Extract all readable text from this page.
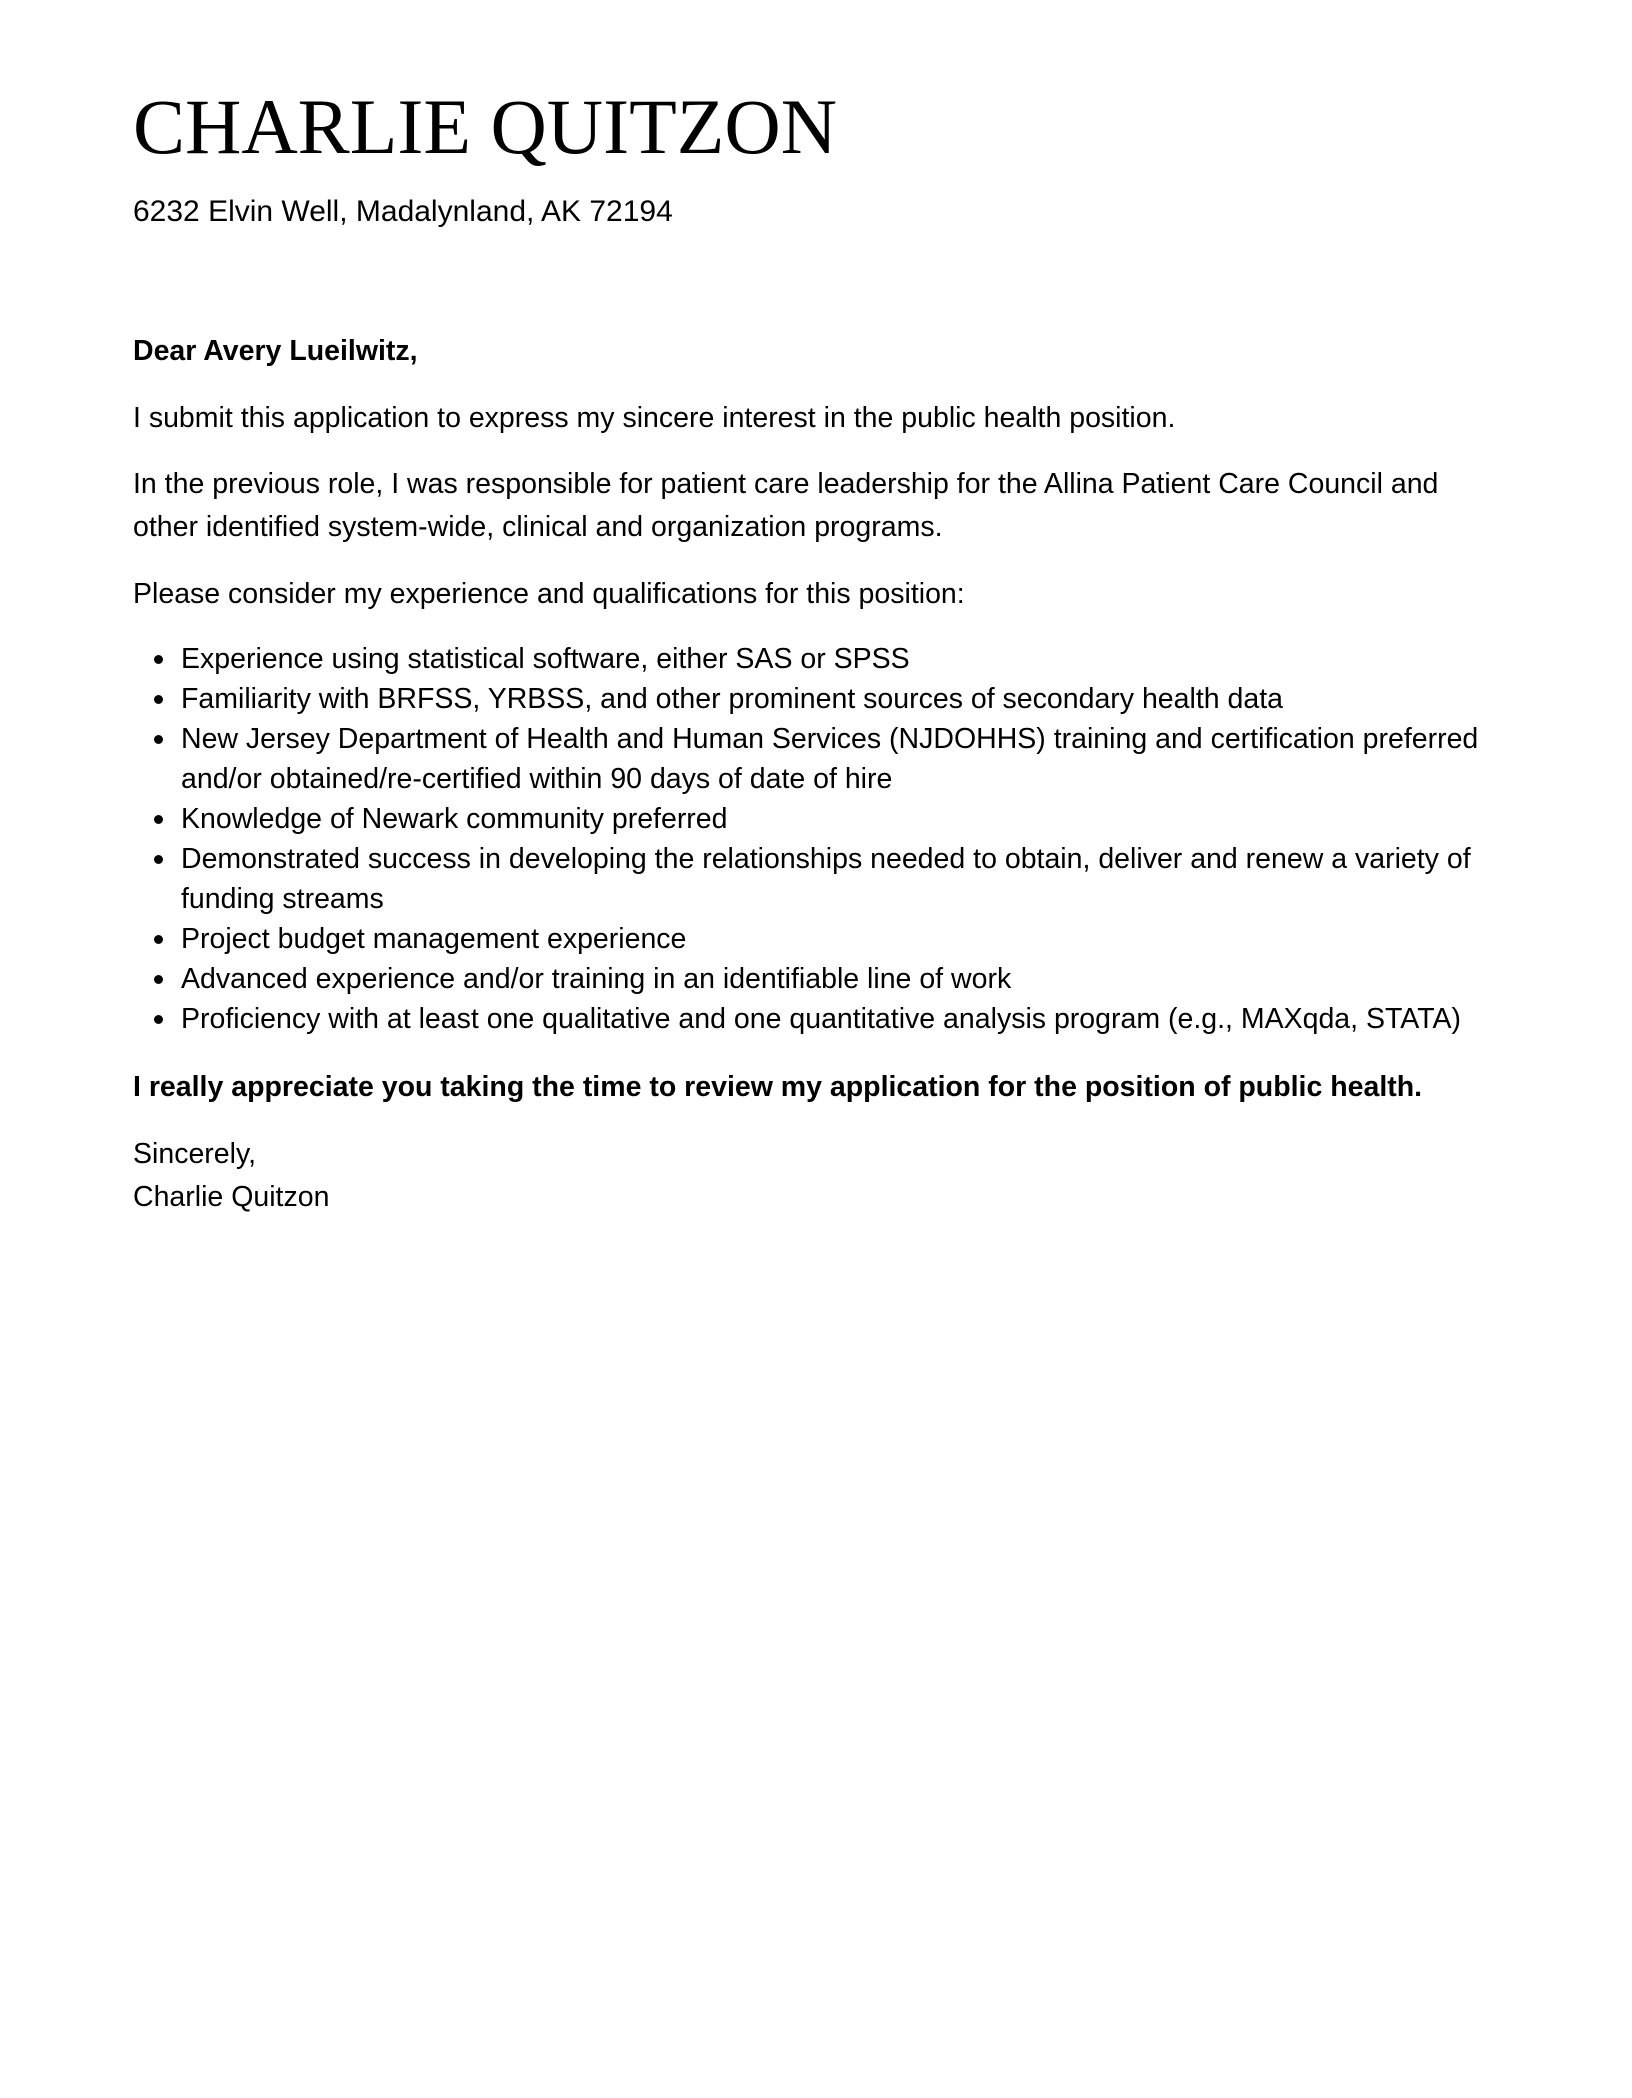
CHARLIE QUITZON
6232 Elvin Well, Madalynland, AK 72194

Dear Avery Lueilwitz,

I submit this application to express my sincere interest in the public health position.

In the previous role, I was responsible for patient care leadership for the Allina Patient Care Council and other identified system-wide, clinical and organization programs.

Please consider my experience and qualifications for this position:

Experience using statistical software, either SAS or SPSS
Familiarity with BRFSS, YRBSS, and other prominent sources of secondary health data
New Jersey Department of Health and Human Services (NJDOHHS) training and certification preferred and/or obtained/re-certified within 90 days of date of hire
Knowledge of Newark community preferred
Demonstrated success in developing the relationships needed to obtain, deliver and renew a variety of funding streams
Project budget management experience
Advanced experience and/or training in an identifiable line of work
Proficiency with at least one qualitative and one quantitative analysis program (e.g., MAXqda, STATA)

I really appreciate you taking the time to review my application for the position of public health.

Sincerely,
Charlie Quitzon
